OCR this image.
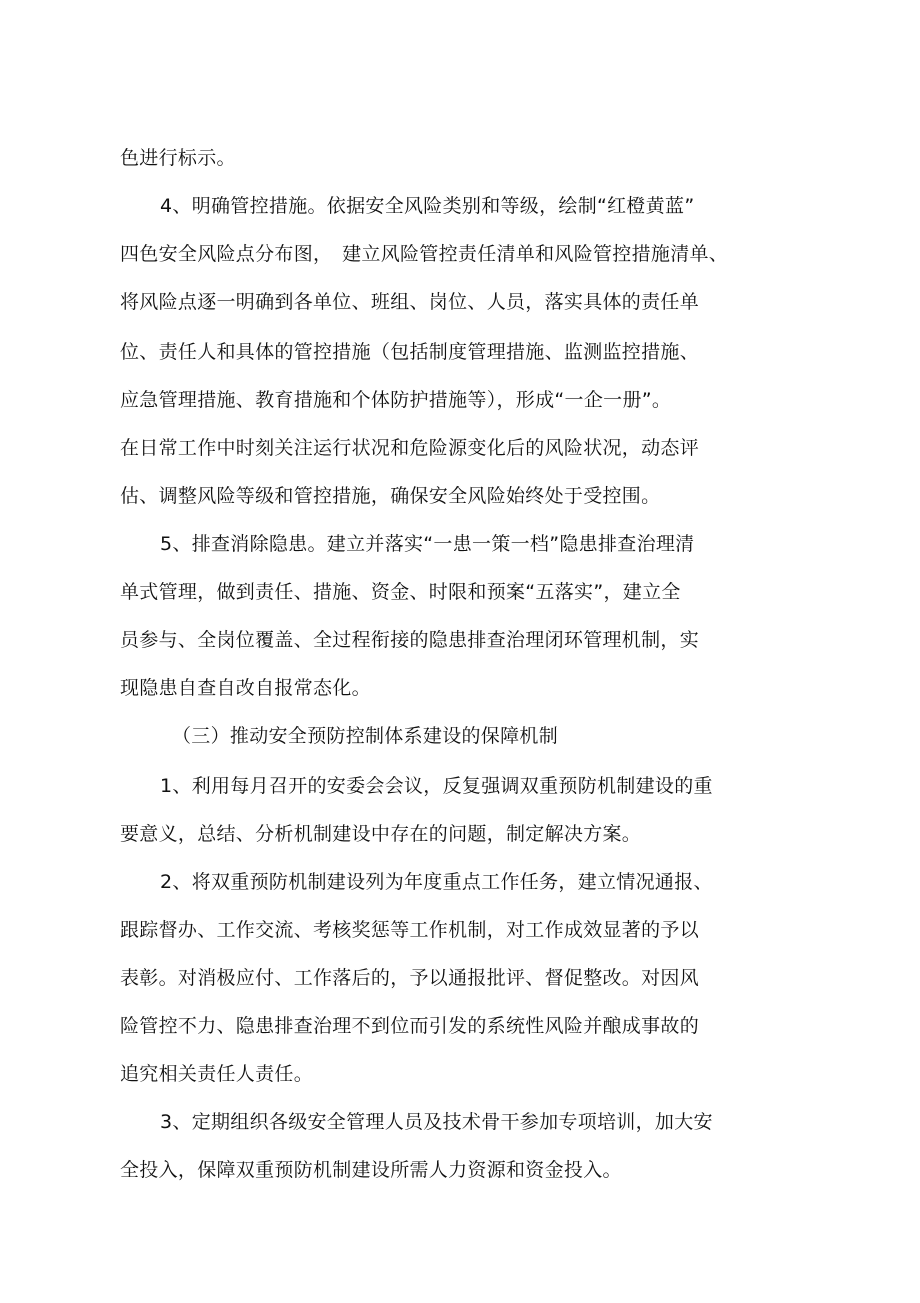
色进行标示。
4、明确管控措施。依据安全风险类别和等级，绘制“红橙黄蓝”
四色安全风险点分布图，　建立风险管控责任清单和风险管控措施清单、
将风险点逐一明确到各单位、班组、岗位、人员，落实具体的责任单
位、责任人和具体的管控措施（包括制度管理措施、监测监控措施、
应急管理措施、教育措施和个体防护措施等），形成“一企一册”。
在日常工作中时刻关注运行状况和危险源变化后的风险状况，动态评
估、调整风险等级和管控措施，确保安全风险始终处于受控围。
5、排查消除隐患。建立并落实“一患一策一档”隐患排查治理清
单式管理，做到责任、措施、资金、时限和预案“五落实”，建立全
员参与、全岗位覆盖、全过程衔接的隐患排查治理闭环管理机制，实
现隐患自查自改自报常态化。
（三）推动安全预防控制体系建设的保障机制
1、利用每月召开的安委会会议，反复强调双重预防机制建设的重
要意义，总结、分析机制建设中存在的问题，制定解决方案。
2、将双重预防机制建设列为年度重点工作任务，建立情况通报、
跟踪督办、工作交流、考核奖惩等工作机制，对工作成效显著的予以
表彰。对消极应付、工作落后的，予以通报批评、督促整改。对因风
险管控不力、隐患排查治理不到位而引发的系统性风险并酿成事故的
追究相关责任人责任。
3、定期组织各级安全管理人员及技术骨干参加专项培训，加大安
全投入，保障双重预防机制建设所需人力资源和资金投入。
